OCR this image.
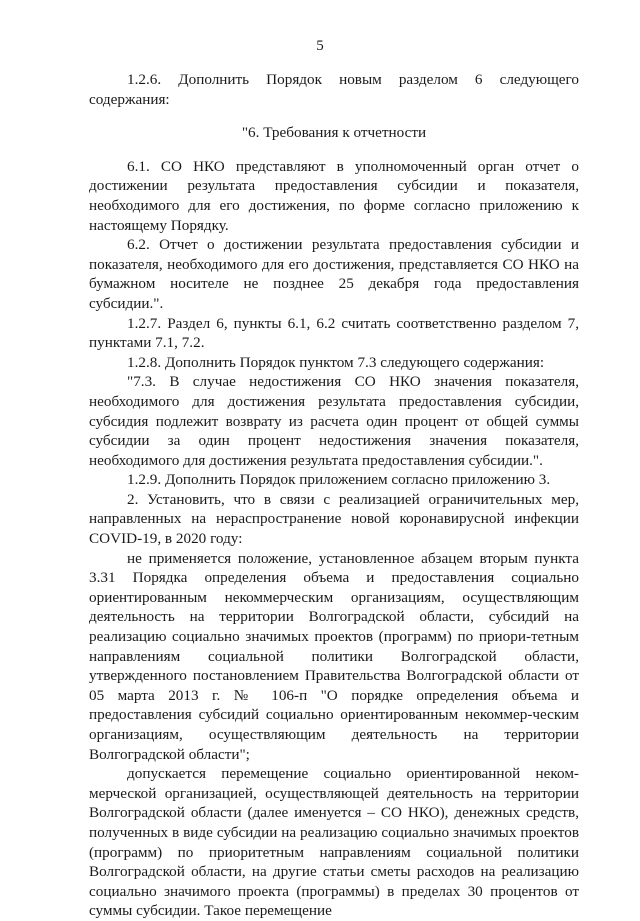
5

1.2.6. Дополнить Порядок новым разделом 6 следующего содержания:

"6. Требования к отчетности

6.1. СО НКО представляют в уполномоченный орган отчет о достижении результата предоставления субсидии и показателя, необходимого для его достижения, по форме согласно приложению к настоящему Порядку.

6.2. Отчет о достижении результата предоставления субсидии и показателя, необходимого для его достижения, представляется СО НКО на бумажном носителе не позднее 25 декабря года предоставления субсидии.".

1.2.7. Раздел 6, пункты 6.1, 6.2 считать соответственно разделом 7, пунктами 7.1, 7.2.

1.2.8. Дополнить Порядок пунктом 7.3 следующего содержания:

"7.3. В случае недостижения СО НКО значения показателя, необходимого для достижения результата предоставления субсидии, субсидия подлежит возврату из расчета один процент от общей суммы субсидии за один процент недостижения значения показателя, необходимого для достижения результата предоставления субсидии.".

1.2.9. Дополнить Порядок приложением согласно приложению 3.

2. Установить, что в связи с реализацией ограничительных мер, направленных на нераспространение новой коронавирусной инфекции COVID-19, в 2020 году:

не применяется положение, установленное абзацем вторым пункта 3.31 Порядка определения объема и предоставления социально ориентированным некоммерческим организациям, осуществляющим деятельность на территории Волгоградской области, субсидий на реализацию социально значимых проектов (программ) по приори-тетным направлениям социальной политики Волгоградской области, утвержденного постановлением Правительства Волгоградской области от 05 марта 2013 г. № 106-п "О порядке определения объема и предоставления субсидий социально ориентированным некоммер-ческим организациям, осуществляющим деятельность на территории Волгоградской области";

допускается перемещение социально ориентированной неком-мерческой организацией, осуществляющей деятельность на территории Волгоградской области (далее именуется – СО НКО), денежных средств, полученных в виде субсидии на реализацию социально значимых проектов (программ) по приоритетным направлениям социальной политики Волгоградской области, на другие статьи сметы расходов на реализацию социально значимого проекта (программы) в пределах 30 процентов от суммы субсидии. Такое перемещение
